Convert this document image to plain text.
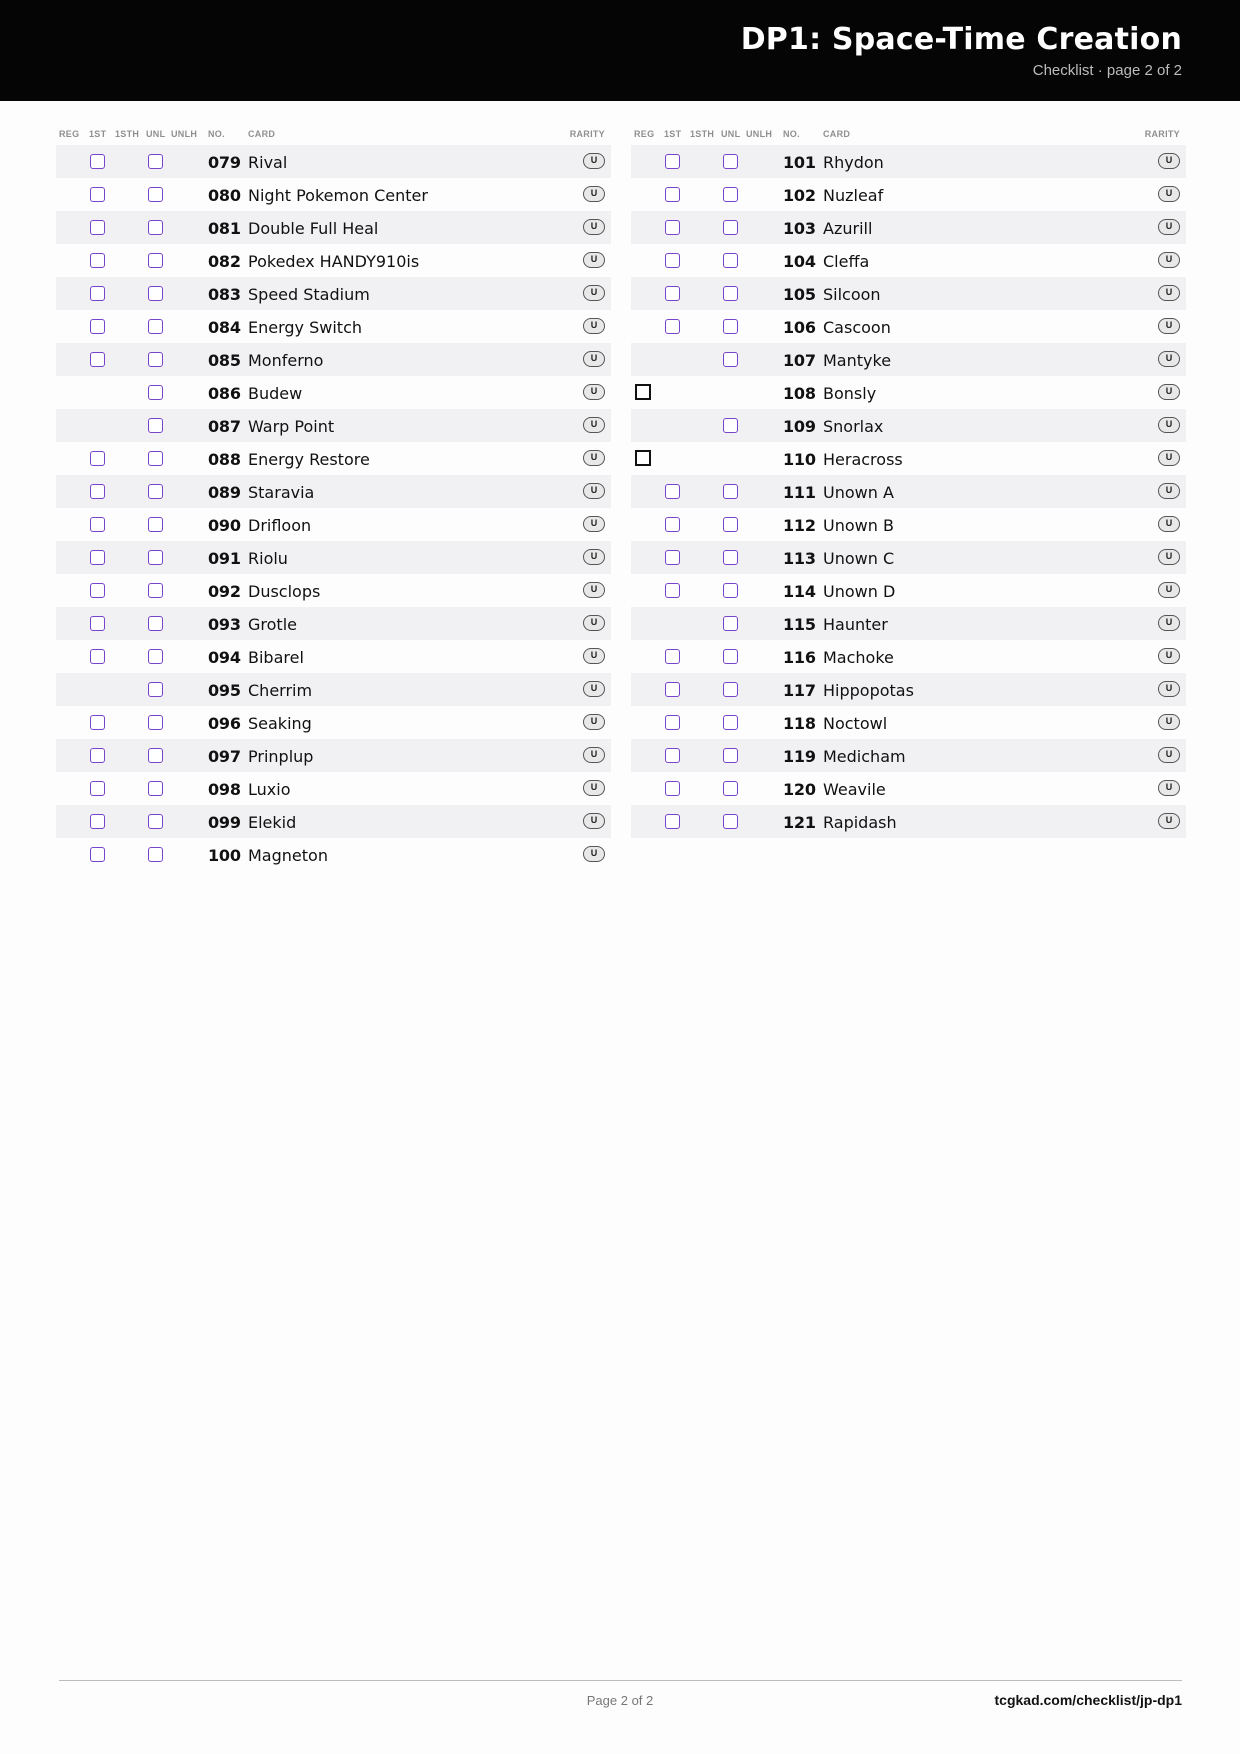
DP1: Space-Time Creation
Checklist · page 2 of 2
REG 1ST 1STH UNL UNLH NO.	CARD	RARITY
079 Rival	U
080 Night Pokemon Center	U
081 Double Full Heal	U
082 Pokedex HANDY910is	U
083 Speed Stadium	U
084 Energy Switch	U
085 Monferno	U
086 Budew	U
087 Warp Point	U
088 Energy Restore	U
089 Staravia	U
090 Drifloon	U
091 Riolu	U
092 Dusclops	U
093 Grotle	U
094 Bibarel	U
095 Cherrim	U
096 Seaking	U
097 Prinplup	U
098 Luxio	U
099 Elekid	U
100 Magneton	U
REG 1ST 1STH UNL UNLH NO.	CARD	RARITY
101 Rhydon	U
102 Nuzleaf	U
103 Azurill	U
104 Cleffa	U
105 Silcoon	U
106 Cascoon	U
107 Mantyke	U
108 Bonsly	U
109 Snorlax	U
110 Heracross	U
111 Unown A	U
112 Unown B	U
113 Unown C	U
114 Unown D	U
115 Haunter	U
116 Machoke	U
117 Hippopotas	U
118 Noctowl	U
119 Medicham	U
120 Weavile	U
121 Rapidash	U
Page 2 of 2	tcgkad.com/checklist/jp-dp1
